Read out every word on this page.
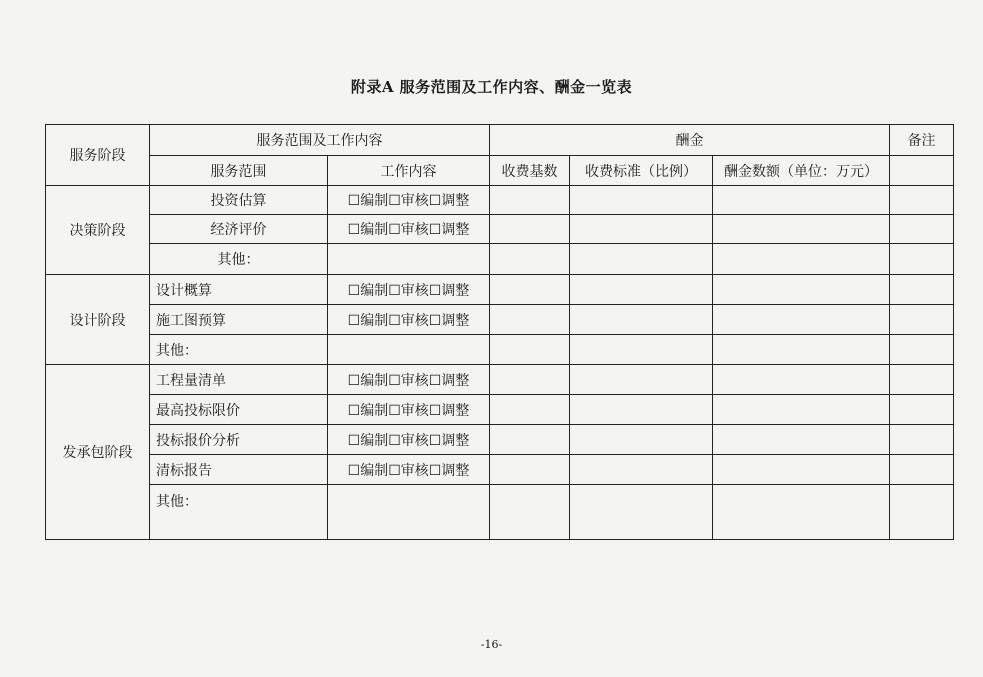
附录A 服务范围及工作内容、酬金一览表
服务阶段	服务范围及工作内容		酬金			备注
	服务范围	工作内容	收费基数	收费标准（比例）	酬金数额（单位：万元）	
决策阶段	投资估算	☐编制☐审核☐调整				
	经济评价	☐编制☐审核☐调整				
	其他：					
设计阶段	设计概算	☐编制☐审核☐调整				
	施工图预算	☐编制☐审核☐调整				
	其他：					
发承包阶段	工程量清单	☐编制☐审核☐调整				
	最高投标限价	☐编制☐审核☐调整				
	投标报价分析	☐编制☐审核☐调整				
	清标报告	☐编制☐审核☐调整				
	其他：					
-16-
